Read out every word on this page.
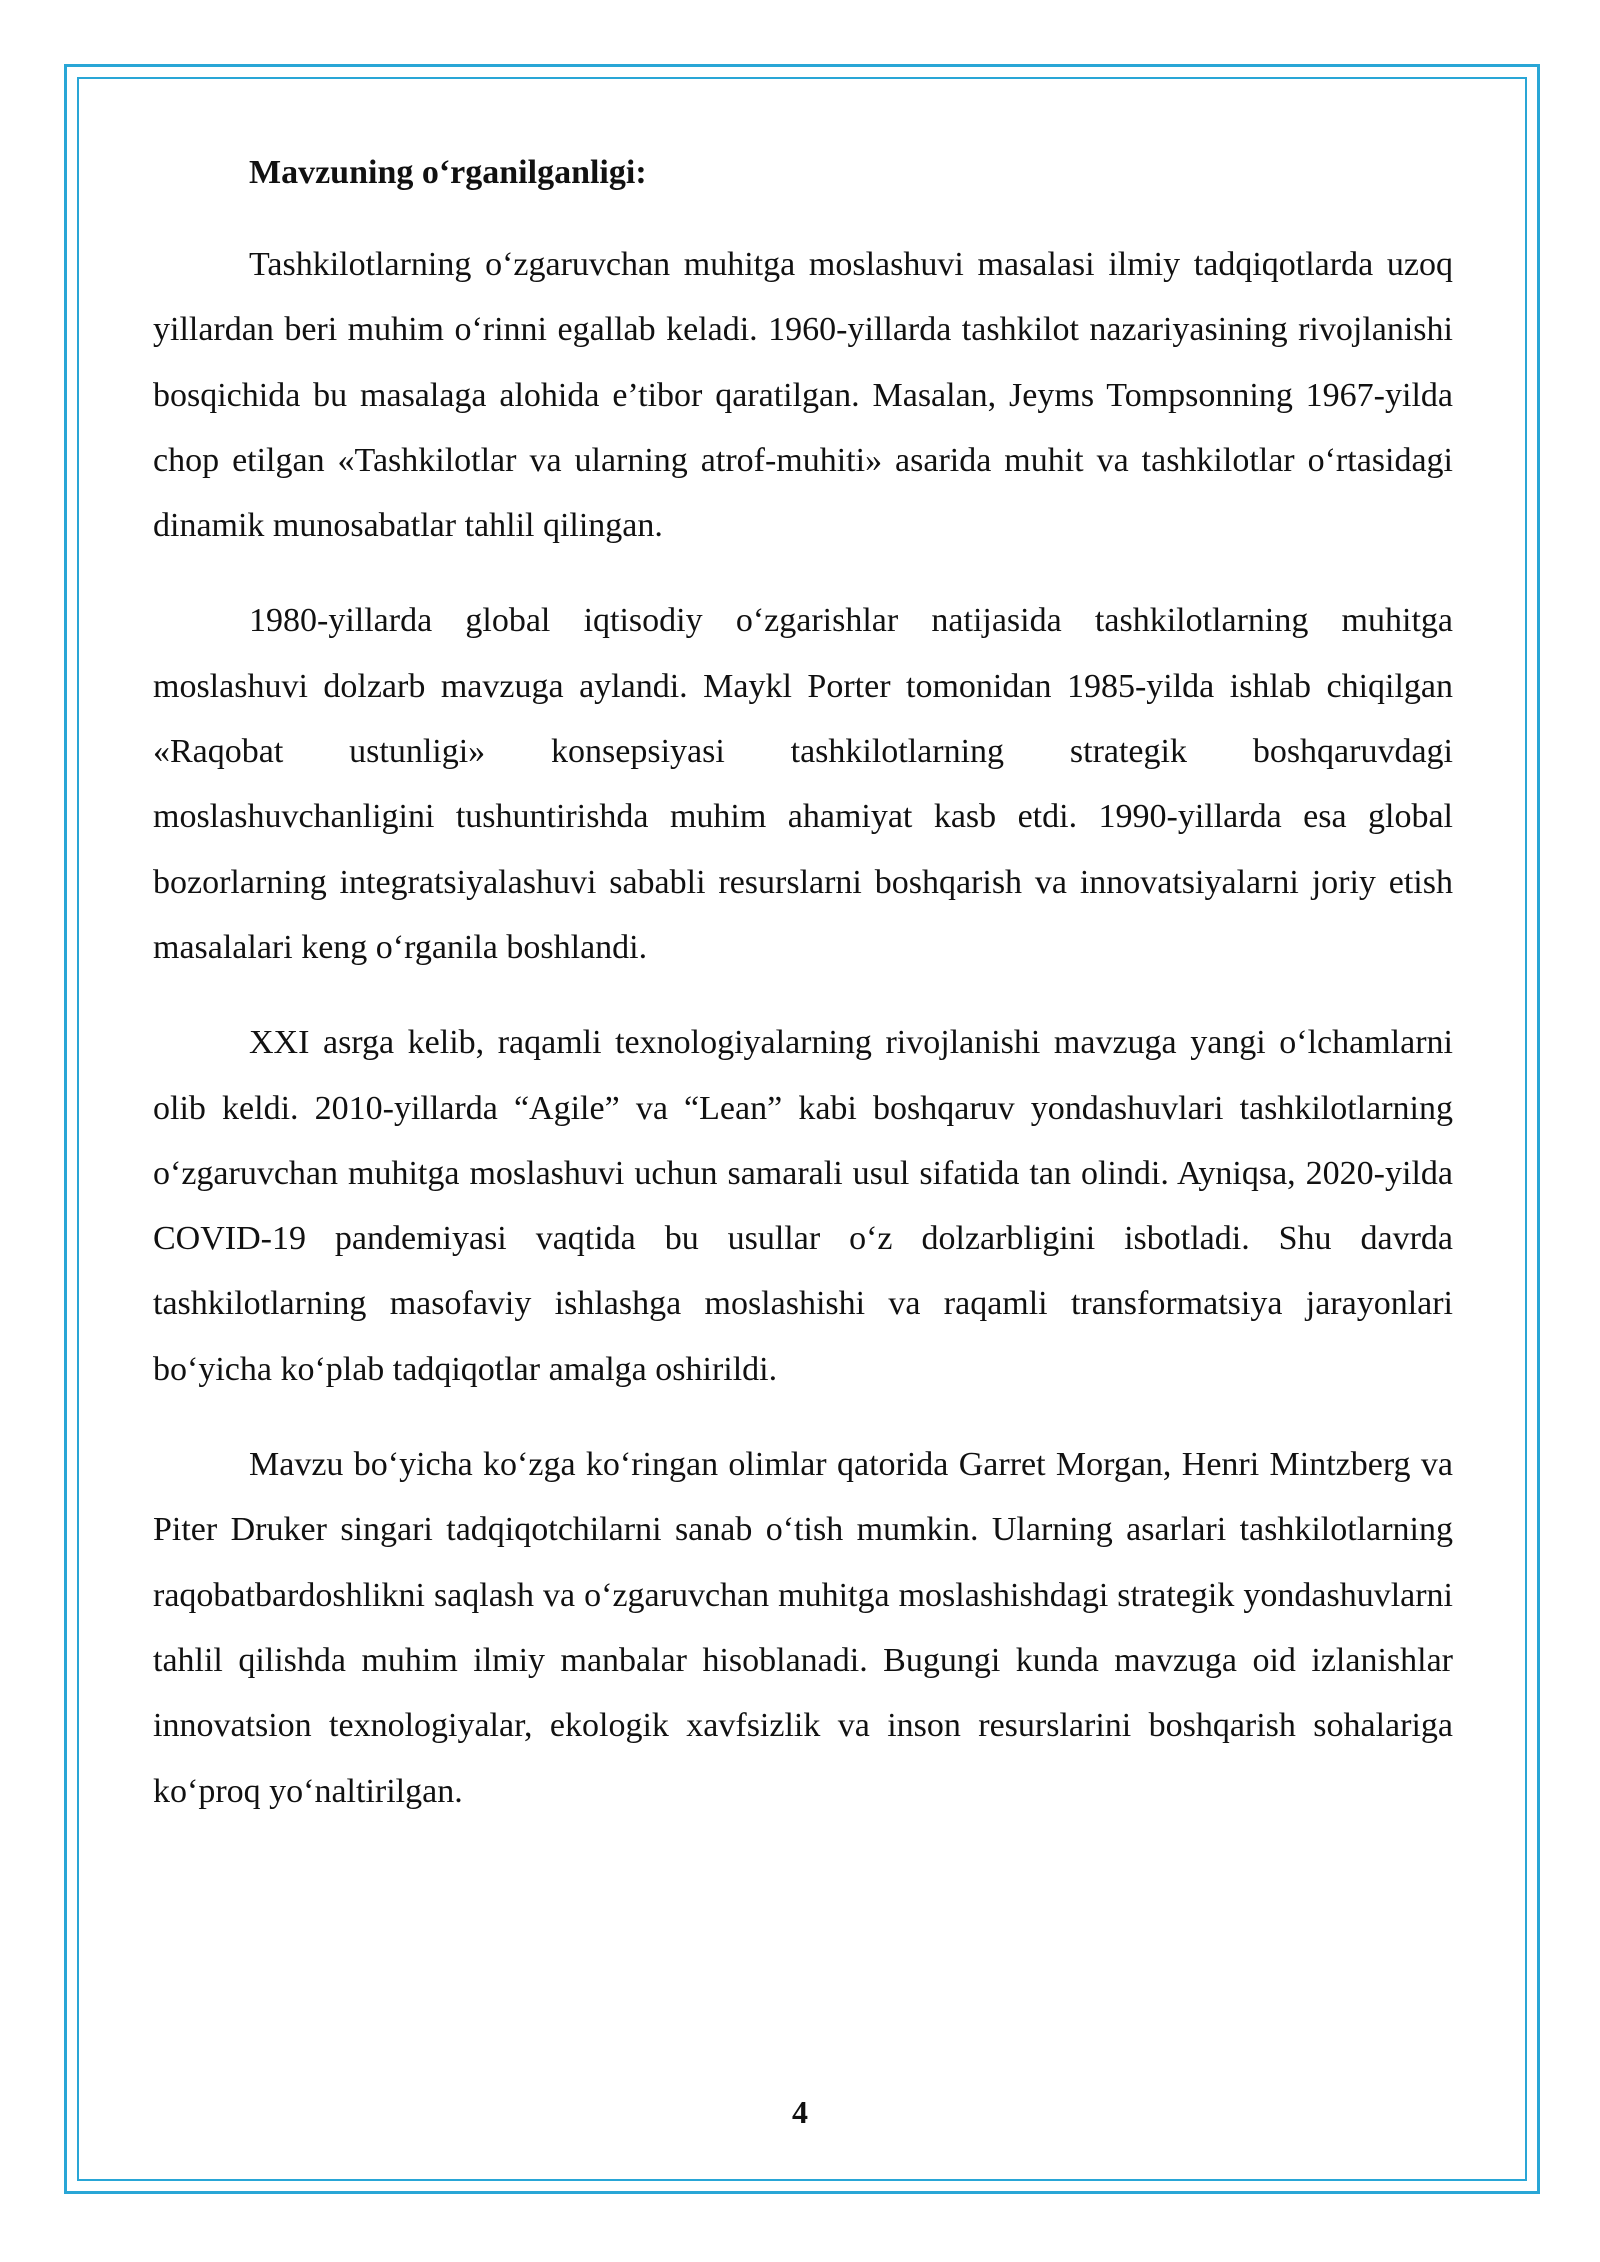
Mavzuning o‘rganilganligi:

Tashkilotlarning o‘zgaruvchan muhitga moslashuvi masalasi ilmiy tadqiqotlarda uzoq yillardan beri muhim o‘rinni egallab keladi. 1960-yillarda tashkilot nazariyasining rivojlanishi bosqichida bu masalaga alohida e’tibor qaratilgan. Masalan, Jeyms Tompsonning 1967-yilda chop etilgan «Tashkilotlar va ularning atrof-muhiti» asarida muhit va tashkilotlar o‘rtasidagi dinamik munosabatlar tahlil qilingan.

1980-yillarda global iqtisodiy o‘zgarishlar natijasida tashkilotlarning muhitga moslashuvi dolzarb mavzuga aylandi. Maykl Porter tomonidan 1985-yilda ishlab chiqilgan «Raqobat ustunligi» konsepsiyasi tashkilotlarning strategik boshqaruvdagi moslashuvchanligini tushuntirishda muhim ahamiyat kasb etdi. 1990-yillarda esa global bozorlarning integratsiyalashuvi sababli resurslarni boshqarish va innovatsiyalarni joriy etish masalalari keng o‘rganila boshlandi.

XXI asrga kelib, raqamli texnologiyalarning rivojlanishi mavzuga yangi o‘lchamlarni olib keldi. 2010-yillarda “Agile” va “Lean” kabi boshqaruv yondashuvlari tashkilotlarning o‘zgaruvchan muhitga moslashuvi uchun samarali usul sifatida tan olindi. Ayniqsa, 2020-yilda COVID-19 pandemiyasi vaqtida bu usullar o‘z dolzarbligini isbotladi. Shu davrda tashkilotlarning masofaviy ishlashga moslashishi va raqamli transformatsiya jarayonlari bo‘yicha ko‘plab tadqiqotlar amalga oshirildi.

Mavzu bo‘yicha ko‘zga ko‘ringan olimlar qatorida Garret Morgan, Henri Mintzberg va Piter Druker singari tadqiqotchilarni sanab o‘tish mumkin. Ularning asarlari tashkilotlarning raqobatbardoshlikni saqlash va o‘zgaruvchan muhitga moslashishdagi strategik yondashuvlarni tahlil qilishda muhim ilmiy manbalar hisoblanadi. Bugungi kunda mavzuga oid izlanishlar innovatsion texnologiyalar, ekologik xavfsizlik va inson resurslarini boshqarish sohalariga ko‘proq yo‘naltirilgan.

4
